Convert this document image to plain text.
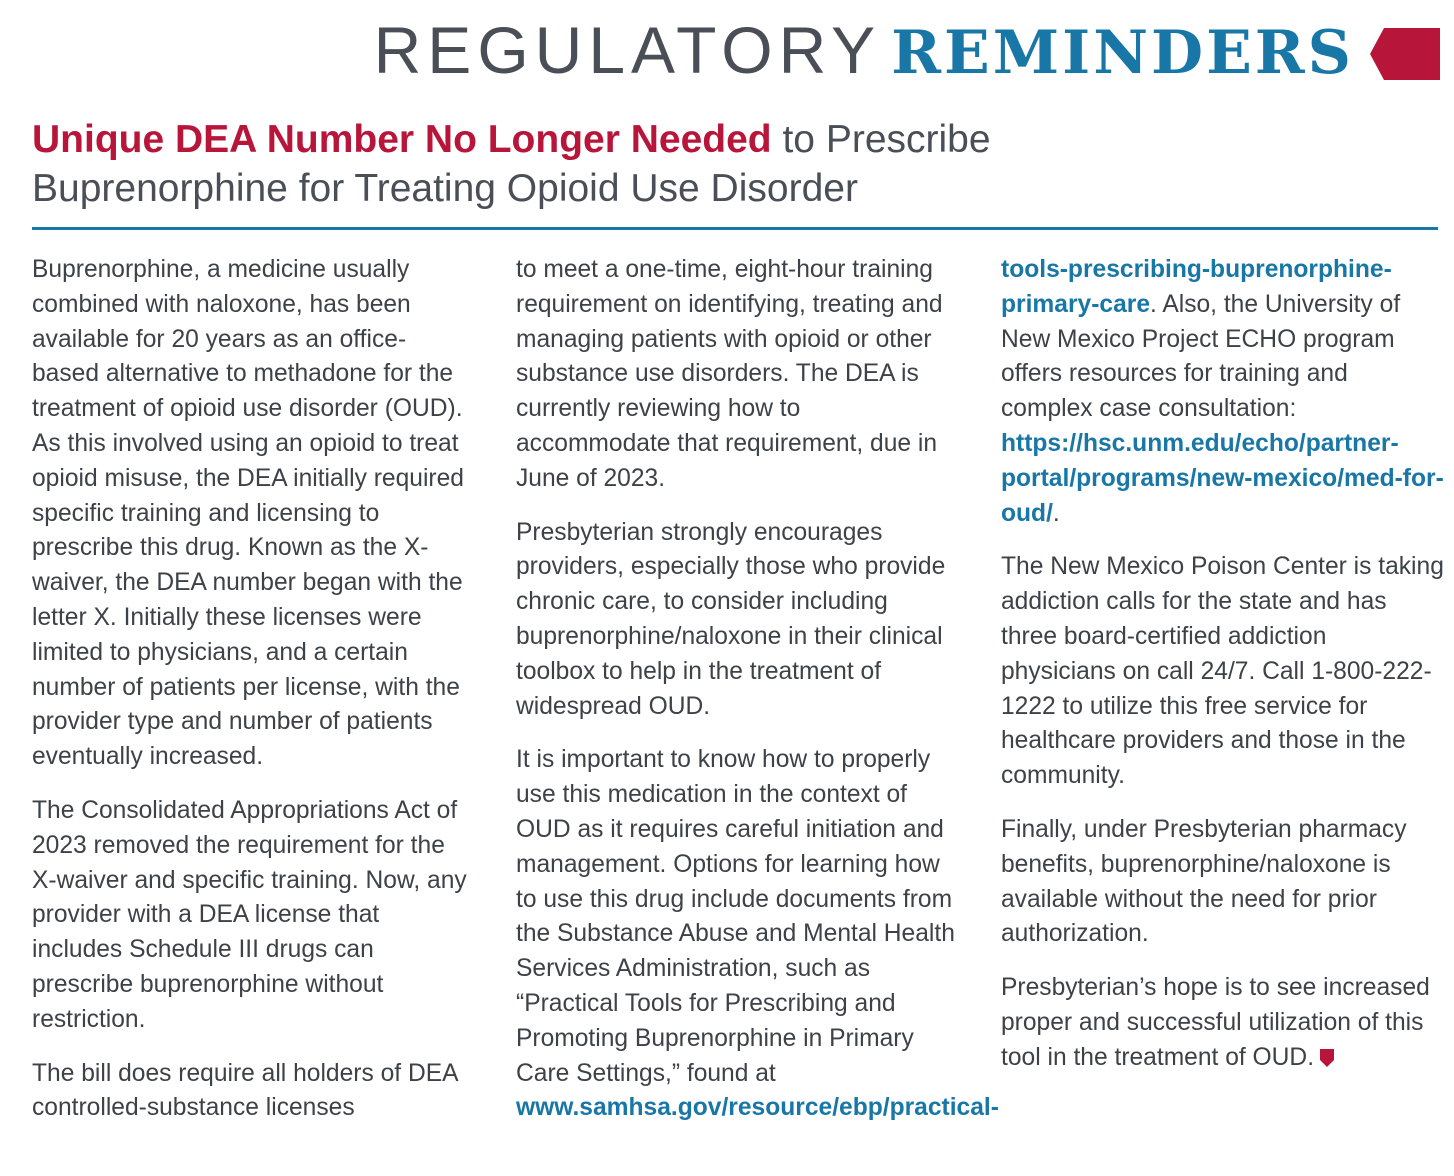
REGULATORY REMINDERS
Unique DEA Number No Longer Needed to Prescribe Buprenorphine for Treating Opioid Use Disorder

Buprenorphine, a medicine usually combined with naloxone, has been available for 20 years as an office-based alternative to methadone for the treatment of opioid use disorder (OUD). As this involved using an opioid to treat opioid misuse, the DEA initially required specific training and licensing to prescribe this drug. Known as the X-waiver, the DEA number began with the letter X. Initially these licenses were limited to physicians, and a certain number of patients per license, with the provider type and number of patients eventually increased.

The Consolidated Appropriations Act of 2023 removed the requirement for the X-waiver and specific training. Now, any provider with a DEA license that includes Schedule III drugs can prescribe buprenorphine without restriction.

The bill does require all holders of DEA controlled-substance licenses

to meet a one-time, eight-hour training requirement on identifying, treating and managing patients with opioid or other substance use disorders. The DEA is currently reviewing how to accommodate that requirement, due in June of 2023.

Presbyterian strongly encourages providers, especially those who provide chronic care, to consider including buprenorphine/naloxone in their clinical toolbox to help in the treatment of widespread OUD.

It is important to know how to properly use this medication in the context of OUD as it requires careful initiation and management. Options for learning how to use this drug include documents from the Substance Abuse and Mental Health Services Administration, such as “Practical Tools for Prescribing and Promoting Buprenorphine in Primary Care Settings,” found at www.samhsa.gov/resource/ebp/practical-

tools-prescribing-buprenorphine-primary-care. Also, the University of New Mexico Project ECHO program offers resources for training and complex case consultation: https://hsc.unm.edu/echo/partner-portal/programs/new-mexico/med-for-oud/.

The New Mexico Poison Center is taking addiction calls for the state and has three board-certified addiction physicians on call 24/7. Call 1-800-222-1222 to utilize this free service for healthcare providers and those in the community.

Finally, under Presbyterian pharmacy benefits, buprenorphine/naloxone is available without the need for prior authorization.

Presbyterian’s hope is to see increased proper and successful utilization of this tool in the treatment of OUD.
